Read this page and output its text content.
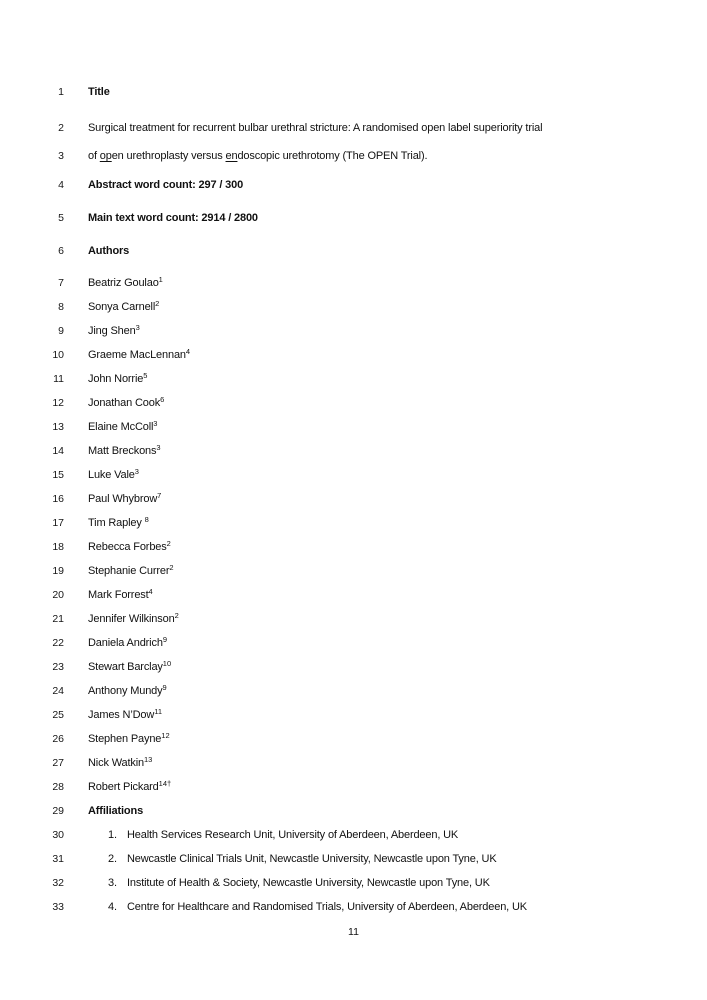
1 Title
2 Surgical treatment for recurrent bulbar urethral stricture: A randomised open label superiority trial
3 of open urethroplasty versus endoscopic urethrotomy (The OPEN Trial).
4 Abstract word count: 297 / 300
5 Main text word count: 2914 / 2800
6 Authors
7 Beatriz Goulao$^1$
8 Sonya Carnell$^2$
9 Jing Shen$^3$
10 Graeme MacLennan$^4$
11 John Norrie$^5$
12 Jonathan Cook$^6$
13 Elaine McColl$^3$
14 Matt Breckons$^3$
15 Luke Vale$^3$
16 Paul Whybrow$^7$
17 Tim Rapley $^8$
18 Rebecca Forbes$^2$
19 Stephanie Currer$^2$
20 Mark Forrest$^4$
21 Jennifer Wilkinson$^2$
22 Daniela Andrich$^9$
23 Stewart Barclay$^{10}$
24 Anthony Mundy$^9$
25 James N’Dow$^{11}$
26 Stephen Payne$^{12}$
27 Nick Watkin$^{13}$
28 Robert Pickard$^{14\dagger}$
29 Affiliations
30	1. Health Services Research Unit, University of Aberdeen, Aberdeen, UK
31	2. Newcastle Clinical Trials Unit, Newcastle University, Newcastle upon Tyne, UK
32	3. Institute of Health & Society, Newcastle University, Newcastle upon Tyne, UK
33	4. Centre for Healthcare and Randomised Trials, University of Aberdeen, Aberdeen, UK
11
